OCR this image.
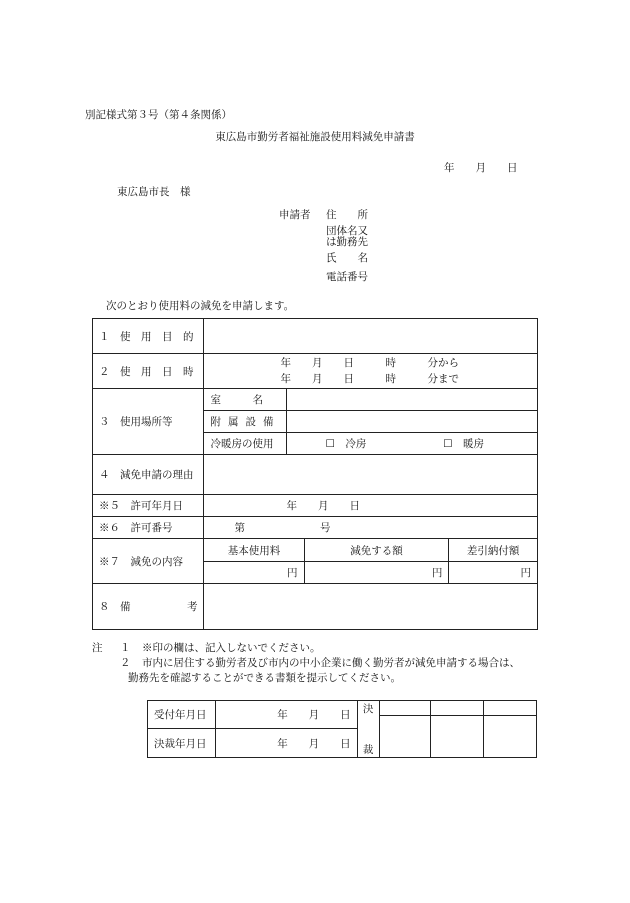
別記様式第３号（第４条関係）
東広島市勤労者福祉施設使用料減免申請書
年　　月　　日
東広島市長　様
申請者 住　　所
団体名又
は勤務先
氏　　名
電話番号
次のとおり使用料の減免を申請します。
１　使　用　目　的				
２　使　用　日　時	年　　月　　日　　　時　　　分から
年　　月　　日　　　時　　　分まで			

３　使用場所等	室　　　名			
	附属設備			
	冷暖房の使用	☐　冷房 ☐　暖房		
４　減免申請の理由				
※５　許可年月日	年　　月　　日			
※６　許可番号	第 号			
※７　減免の内容	基本使用料		減免する額	差引納付額
	円		円	円
８　備 考				

注 １ ※印の欄は、記入しないでください。
２ 市内に居住する勤労者及び市内の中小企業に働く勤労者が減免申請する場合は、
勤務先を確認することができる書類を提示してください。
受付年月日	年　　月　　日	決			

決裁年月日	年　　月　　日	裁			
